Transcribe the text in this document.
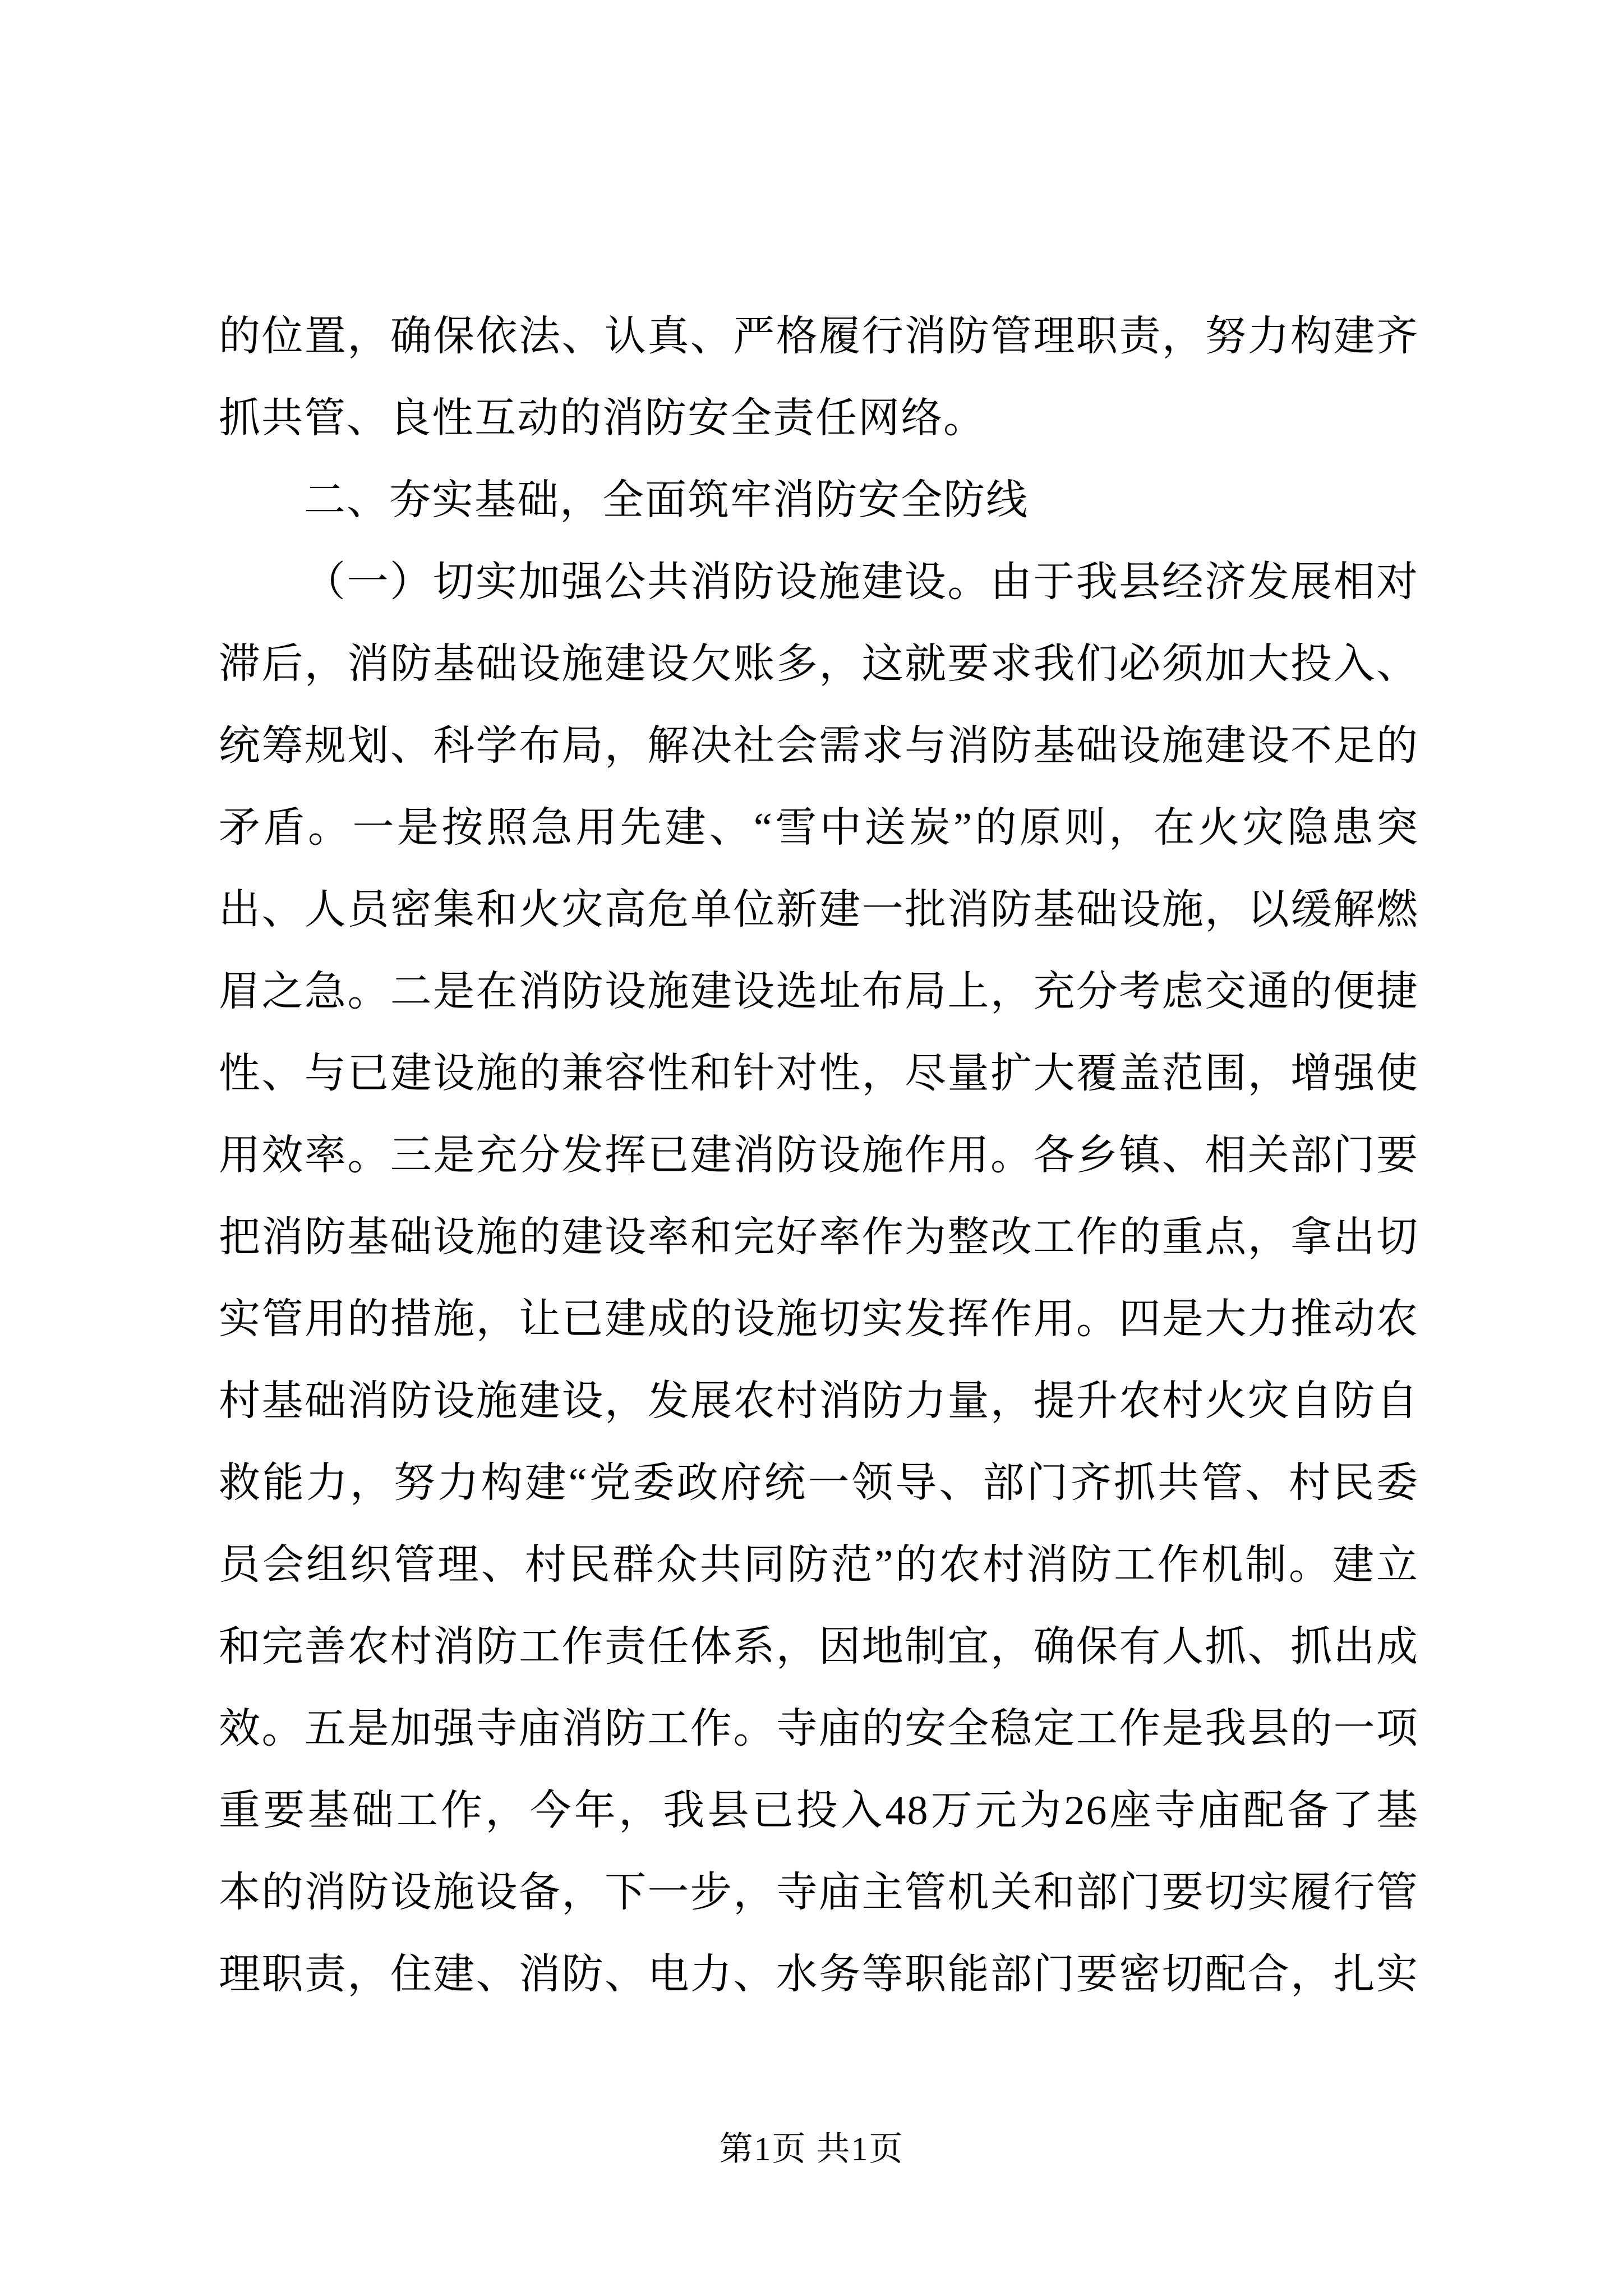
的位置，确保依法、认真、严格履行消防管理职责，努力构建齐
抓共管、良性互动的消防安全责任网络。
二、夯实基础，全面筑牢消防安全防线
（一）切实加强公共消防设施建设。由于我县经济发展相对
滞后，消防基础设施建设欠账多，这就要求我们必须加大投入、
统筹规划、科学布局，解决社会需求与消防基础设施建设不足的
矛盾。一是按照急用先建、“雪中送炭”的原则，在火灾隐患突
出、人员密集和火灾高危单位新建一批消防基础设施，以缓解燃
眉之急。二是在消防设施建设选址布局上，充分考虑交通的便捷
性、与已建设施的兼容性和针对性，尽量扩大覆盖范围，增强使
用效率。三是充分发挥已建消防设施作用。各乡镇、相关部门要
把消防基础设施的建设率和完好率作为整改工作的重点，拿出切
实管用的措施，让已建成的设施切实发挥作用。四是大力推动农
村基础消防设施建设，发展农村消防力量，提升农村火灾自防自
救能力，努力构建“党委政府统一领导、部门齐抓共管、村民委
员会组织管理、村民群众共同防范”的农村消防工作机制。建立
和完善农村消防工作责任体系，因地制宜，确保有人抓、抓出成
效。五是加强寺庙消防工作。寺庙的安全稳定工作是我县的一项
重要基础工作，今年，我县已投入48万元为26座寺庙配备了基
本的消防设施设备，下一步，寺庙主管机关和部门要切实履行管
理职责，住建、消防、电力、水务等职能部门要密切配合，扎实
第1页 共1页
